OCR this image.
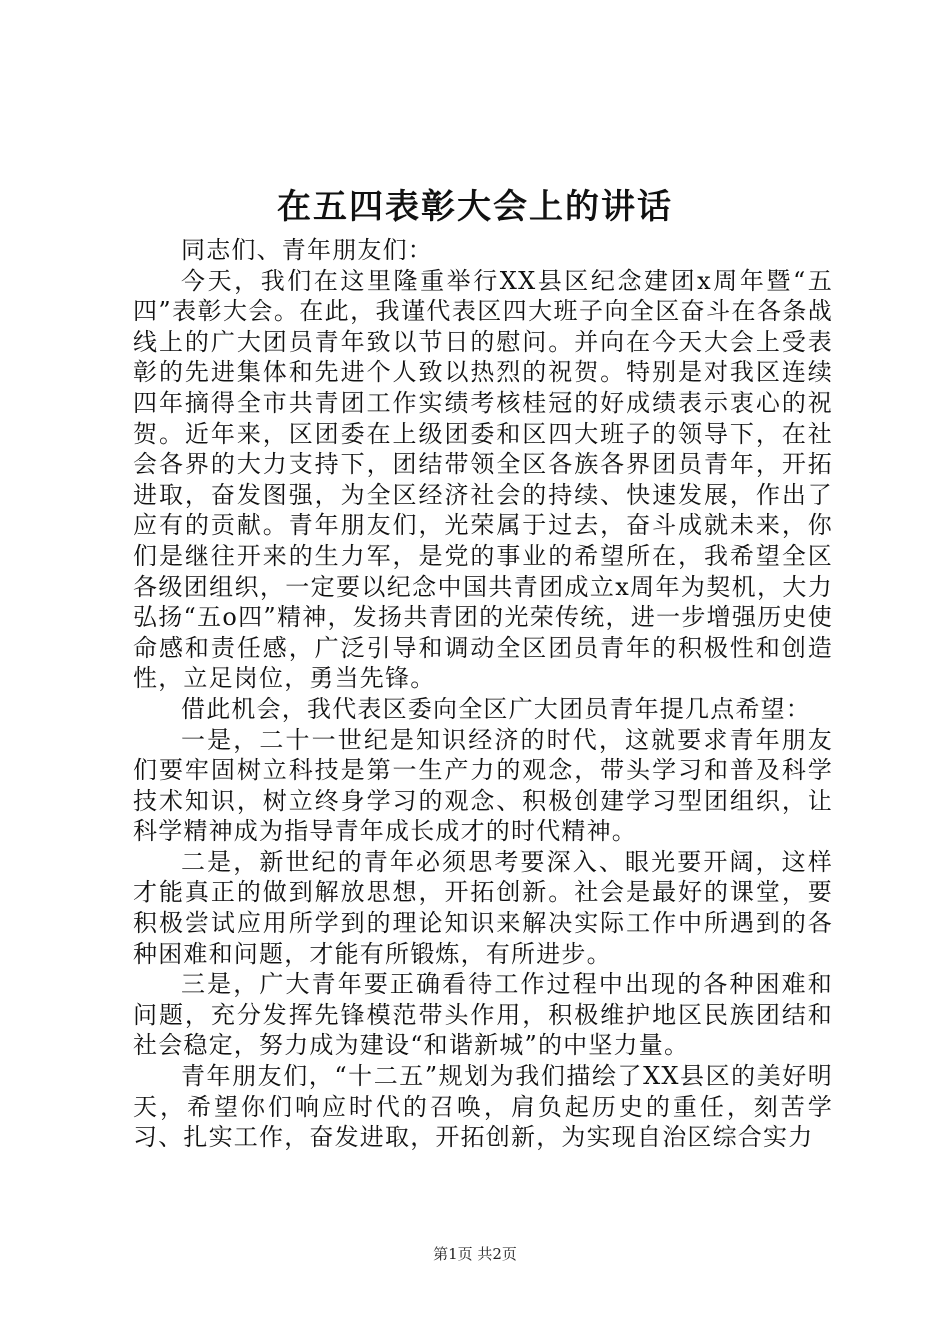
在五四表彰大会上的讲话

同志们、青年朋友们：

今天，我们在这里隆重举行XX县区纪念建团x周年暨“五四”表彰大会。在此，我谨代表区四大班子向全区奋斗在各条战线上的广大团员青年致以节日的慰问。并向在今天大会上受表彰的先进集体和先进个人致以热烈的祝贺。特别是对我区连续四年摘得全市共青团工作实绩考核桂冠的好成绩表示衷心的祝贺。近年来，区团委在上级团委和区四大班子的领导下，在社会各界的大力支持下，团结带领全区各族各界团员青年，开拓进取，奋发图强，为全区经济社会的持续、快速发展，作出了应有的贡献。青年朋友们，光荣属于过去，奋斗成就未来，你们是继往开来的生力军，是党的事业的希望所在，我希望全区各级团组织，一定要以纪念中国共青团成立x周年为契机，大力弘扬“五o四”精神，发扬共青团的光荣传统，进一步增强历史使命感和责任感，广泛引导和调动全区团员青年的积极性和创造性，立足岗位，勇当先锋。

借此机会，我代表区委向全区广大团员青年提几点希望：

一是，二十一世纪是知识经济的时代，这就要求青年朋友们要牢固树立科技是第一生产力的观念，带头学习和普及科学技术知识，树立终身学习的观念、积极创建学习型团组织，让科学精神成为指导青年成长成才的时代精神。

二是，新世纪的青年必须思考要深入、眼光要开阔，这样才能真正的做到解放思想，开拓创新。社会是最好的课堂，要积极尝试应用所学到的理论知识来解决实际工作中所遇到的各种困难和问题，才能有所锻炼，有所进步。

三是，广大青年要正确看待工作过程中出现的各种困难和问题，充分发挥先锋模范带头作用，积极维护地区民族团结和社会稳定，努力成为建设“和谐新城”的中坚力量。

青年朋友们，“十二五”规划为我们描绘了XX县区的美好明天，希望你们响应时代的召唤，肩负起历史的重任，刻苦学习、扎实工作，奋发进取，开拓创新，为实现自治区综合实力

第1页 共2页
